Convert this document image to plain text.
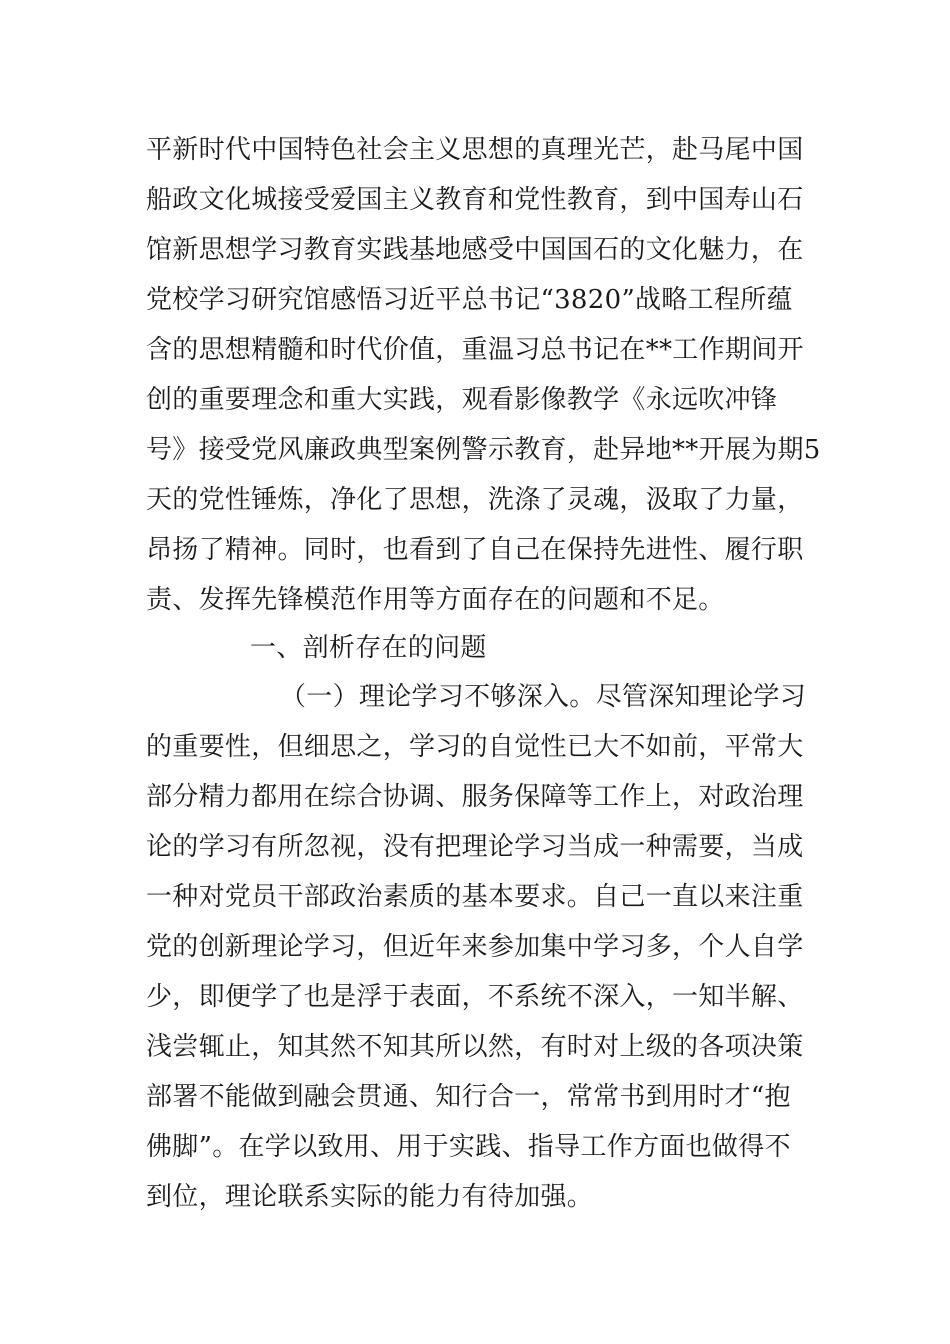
平新时代中国特色社会主义思想的真理光芒，赴马尾中国
船政文化城接受爱国主义教育和党性教育，到中国寿山石
馆新思想学习教育实践基地感受中国国石的文化魅力，在
党校学习研究馆感悟习近平总书记“3820”战略工程所蕴
含的思想精髓和时代价值，重温习总书记在**工作期间开
创的重要理念和重大实践，观看影像教学《永远吹冲锋
号》接受党风廉政典型案例警示教育，赴异地**开展为期5
天的党性锤炼，净化了思想，洗涤了灵魂，汲取了力量，
昂扬了精神。同时，也看到了自己在保持先进性、履行职
责、发挥先锋模范作用等方面存在的问题和不足。
一、剖析存在的问题
（一）理论学习不够深入。尽管深知理论学习
的重要性，但细思之，学习的自觉性已大不如前，平常大
部分精力都用在综合协调、服务保障等工作上，对政治理
论的学习有所忽视，没有把理论学习当成一种需要，当成
一种对党员干部政治素质的基本要求。自己一直以来注重
党的创新理论学习，但近年来参加集中学习多，个人自学
少，即便学了也是浮于表面，不系统不深入，一知半解、
浅尝辄止，知其然不知其所以然，有时对上级的各项决策
部署不能做到融会贯通、知行合一，常常书到用时才“抱
佛脚”。在学以致用、用于实践、指导工作方面也做得不
到位，理论联系实际的能力有待加强。
